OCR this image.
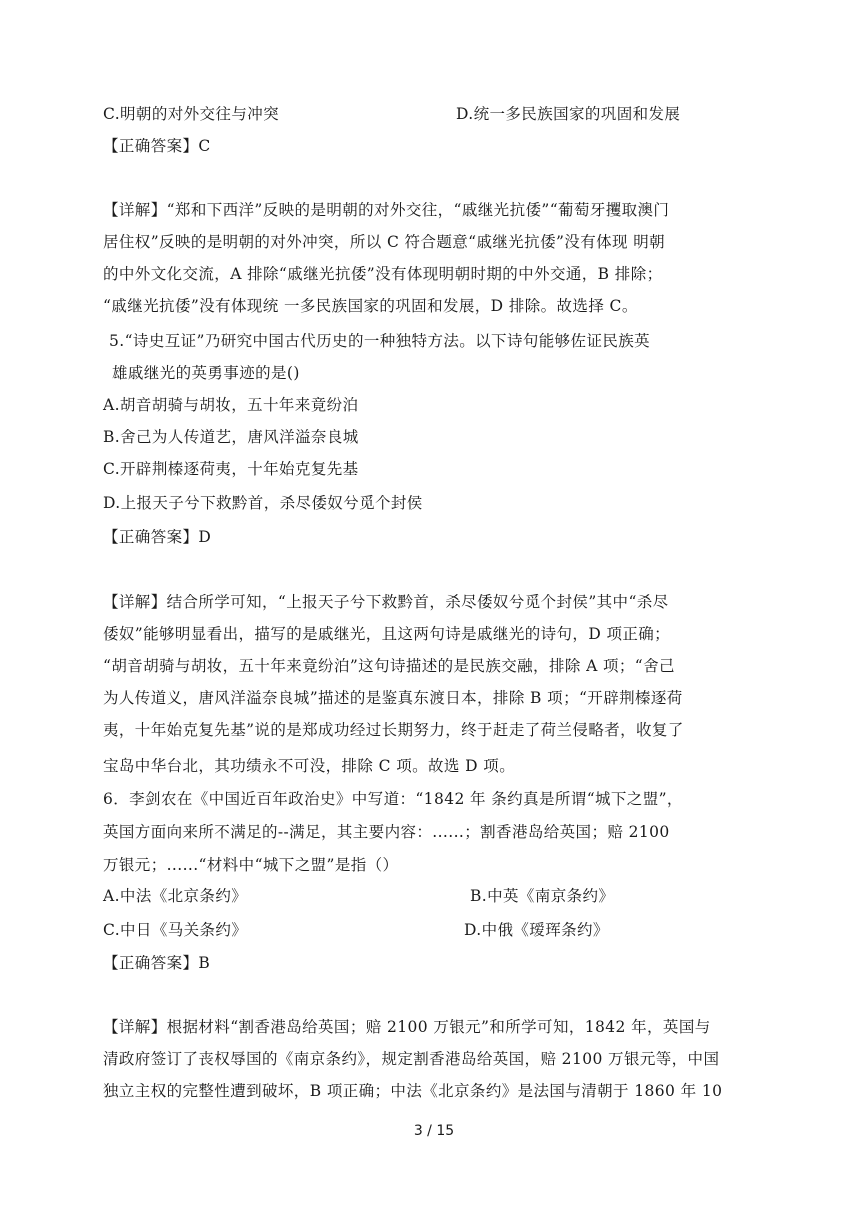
C.明朝的对外交往与冲突	D.统一多民族国家的巩固和发展
【正确答案】C
【详解】“郑和下西洋”反映的是明朝的对外交往，“戚继光抗倭”“葡萄牙攫取澳门
居住权”反映的是明朝的对外冲突，所以 C 符合题意“戚继光抗倭”没有体现 明朝
的中外文化交流，A 排除“戚继光抗倭”没有体现明朝时期的中外交通，B 排除；
“戚继光抗倭”没有体现统 一多民族国家的巩固和发展，D 排除。故选择 C。
5.“诗史互证”乃研究中国古代历史的一种独特方法。以下诗句能够佐证民族英
雄戚继光的英勇事迹的是()
A.胡音胡骑与胡妆，五十年来竟纷泊
B.舍己为人传道艺，唐风洋溢奈良城
C.开辟荆榛逐荷夷，十年始克复先基
D.上报天子兮下救黔首，杀尽倭奴兮觅个封侯
【正确答案】D
【详解】结合所学可知，“上报天子兮下救黔首，杀尽倭奴兮觅个封侯”其中“杀尽
倭奴”能够明显看出，描写的是戚继光，且这两句诗是戚继光的诗句，D 项正确；
“胡音胡骑与胡妆，五十年来竟纷泊”这句诗描述的是民族交融，排除 A 项；“舍己
为人传道义，唐风洋溢奈良城”描述的是鉴真东渡日本，排除 B 项；“开辟荆榛逐荷
夷，十年始克复先基”说的是郑成功经过长期努力，终于赶走了荷兰侵略者，收复了
宝岛中华台北，其功绩永不可没，排除 C 项。故选 D 项。
6．李剑农在《中国近百年政治史》中写道：“1842 年 条约真是所谓“城下之盟”，
英国方面向来所不满足的--满足，其主要内容：......；割香港岛给英国；赔 2100
万银元；......“材料中“城下之盟”是指（）
A.中法《北京条约》	B.中英《南京条约》
C.中日《马关条约》	D.中俄《瑷珲条约》
【正确答案】B
【详解】根据材料“割香港岛给英国；赔 2100 万银元”和所学可知，1842 年，英国与
清政府签订了丧权辱国的《南京条约》，规定割香港岛给英国，赔 2100 万银元等，中国
独立主权的完整性遭到破坏，B 项正确；中法《北京条约》是法国与清朝于 1860 年 10
3 / 15
